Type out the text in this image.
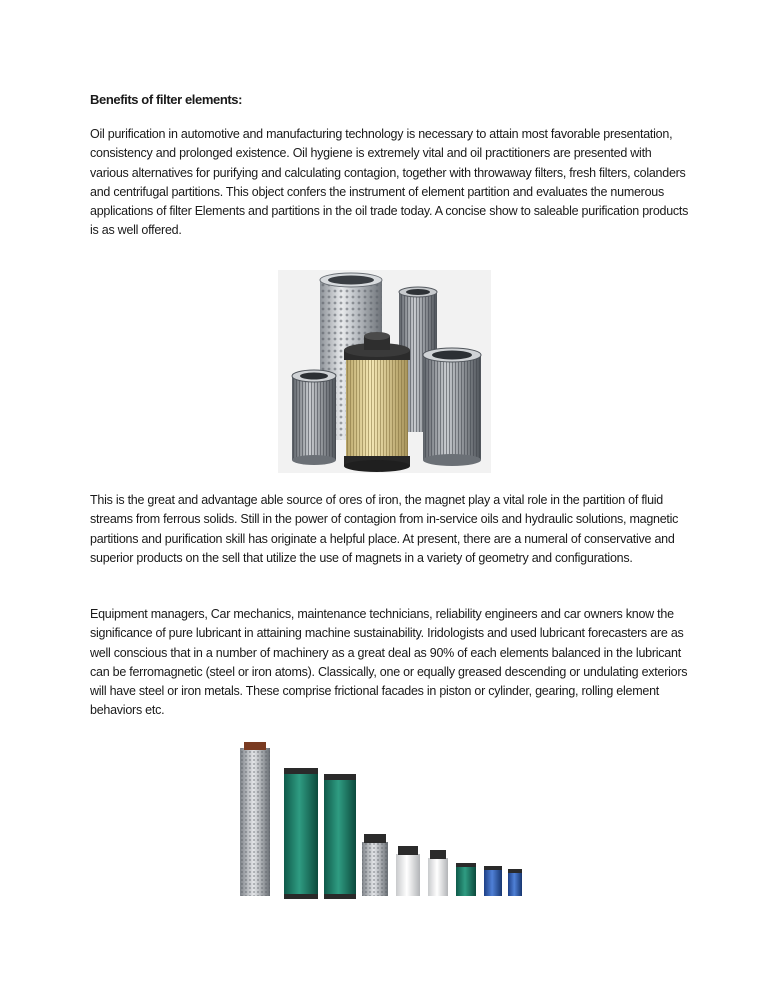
Benefits of filter elements:

Oil purification in automotive and manufacturing technology is necessary to attain most favorable presentation, consistency and prolonged existence. Oil hygiene is extremely vital and oil practitioners are presented with various alternatives for purifying and calculating contagion, together with throwaway filters, fresh filters, colanders and centrifugal partitions. This object confers the instrument of element partition and evaluates the numerous applications of filter Elements and partitions in the oil trade today. A concise show to saleable purification products is as well offered.

This is the great and advantage able source of ores of iron, the magnet play a vital role in the partition of fluid streams from ferrous solids. Still in the power of contagion from in-service oils and hydraulic solutions, magnetic partitions and purification skill has originate a helpful place. At present, there are a numeral of conservative and superior products on the sell that utilize the use of magnets in a variety of geometry and configurations.

Equipment managers, Car mechanics, maintenance technicians, reliability engineers and car owners know the significance of pure lubricant in attaining machine sustainability. Iridologists and used lubricant forecasters are as well conscious that in a number of machinery as a great deal as 90% of each elements balanced in the lubricant can be ferromagnetic (steel or iron atoms). Classically, one or equally greased descending or undulating exteriors will have steel or iron metals. These comprise frictional facades in piston or cylinder, gearing, rolling element behaviors etc.
